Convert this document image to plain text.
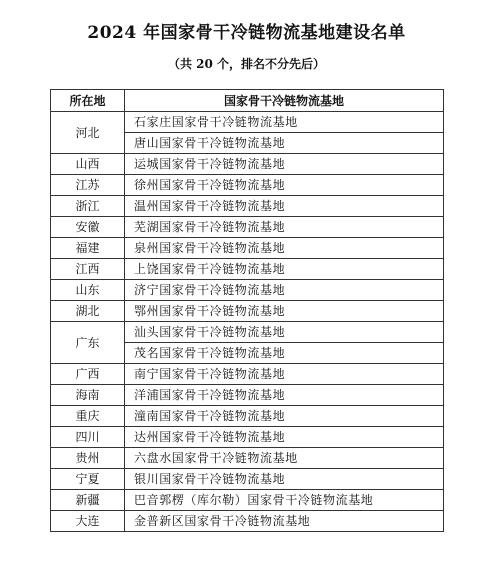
2024 年国家骨干冷链物流基地建设名单
（共 20 个，排名不分先后）
所在地	国家骨干冷链物流基地
河北	石家庄国家骨干冷链物流基地
	唐山国家骨干冷链物流基地
山西	运城国家骨干冷链物流基地
江苏	徐州国家骨干冷链物流基地
浙江	温州国家骨干冷链物流基地
安徽	芜湖国家骨干冷链物流基地
福建	泉州国家骨干冷链物流基地
江西	上饶国家骨干冷链物流基地
山东	济宁国家骨干冷链物流基地
湖北	鄂州国家骨干冷链物流基地
广东	汕头国家骨干冷链物流基地
	茂名国家骨干冷链物流基地
广西	南宁国家骨干冷链物流基地
海南	洋浦国家骨干冷链物流基地
重庆	潼南国家骨干冷链物流基地
四川	达州国家骨干冷链物流基地
贵州	六盘水国家骨干冷链物流基地
宁夏	银川国家骨干冷链物流基地
新疆	巴音郭楞（库尔勒）国家骨干冷链物流基地
大连	金普新区国家骨干冷链物流基地
